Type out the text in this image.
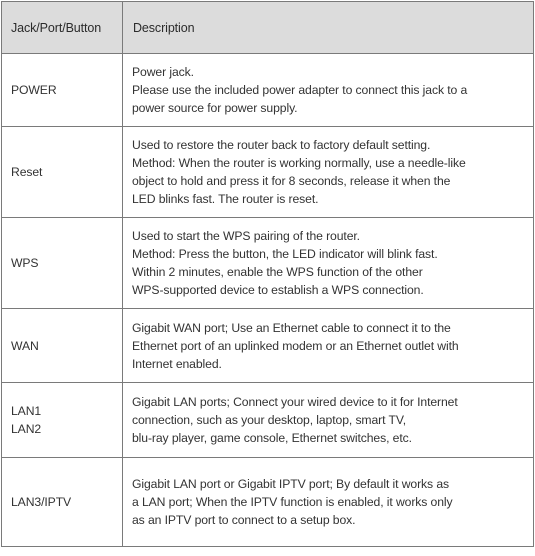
Jack/Port/Button	Description

POWER	Power jack.
Please use the included power adapter to connect this jack to a
power source for power supply.

Reset	Used to restore the router back to factory default setting.
Method: When the router is working normally, use a needle-like
object to hold and press it for 8 seconds, release it when the
LED blinks fast. The router is reset.

WPS	Used to start the WPS pairing of the router.
Method: Press the button, the LED indicator will blink fast.
Within 2 minutes, enable the WPS function of the other
WPS-supported device to establish a WPS connection.

WAN	Gigabit WAN port; Use an Ethernet cable to connect it to the
Ethernet port of an uplinked modem or an Ethernet outlet with
Internet enabled.

LAN1
LAN2	Gigabit LAN ports; Connect your wired device to it for Internet
connection, such as your desktop, laptop, smart TV,
blu-ray player, game console, Ethernet switches, etc.

LAN3/IPTV	Gigabit LAN port or Gigabit IPTV port; By default it works as
a LAN port; When the IPTV function is enabled, it works only
as an IPTV port to connect to a setup box.
